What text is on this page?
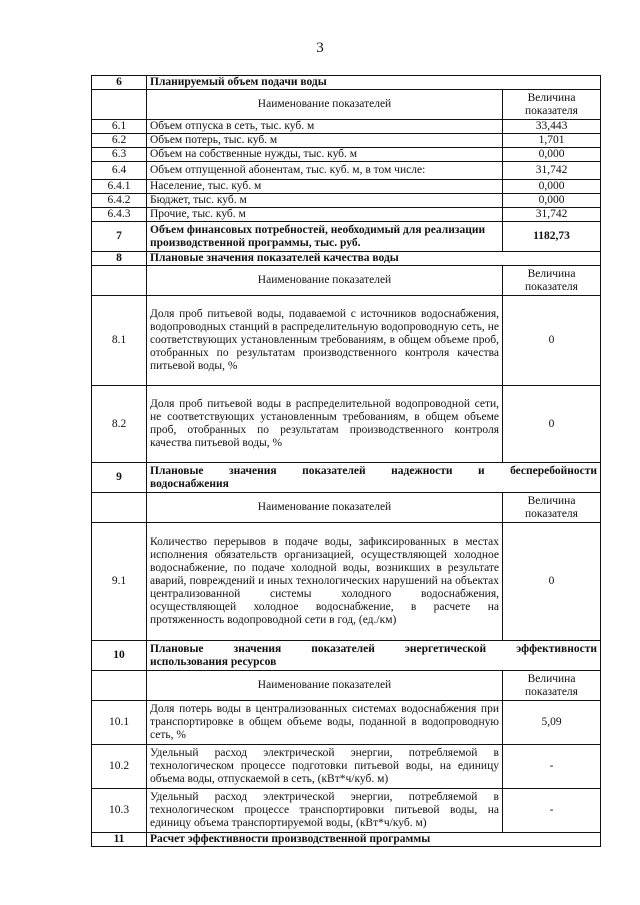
3
6	Планируемый объем подачи воды	
	Наименование показателей	Величина показателя
6.1	Объем отпуска в сеть, тыс. куб. м	33,443
6.2	Объем потерь, тыс. куб. м	1,701
6.3	Объем на собственные нужды, тыс. куб. м	0,000
6.4	Объем отпущенной абонентам, тыс. куб. м, в том числе:	31,742
6.4.1	Население, тыс. куб. м	0,000
6.4.2	Бюджет, тыс. куб. м	0,000
6.4.3	Прочие, тыс. куб. м	31,742
7	Объем финансовых потребностей, необходимый для реализации производственной программы, тыс. руб.	1182,73
8	Плановые значения показателей качества воды	
	Наименование показателей	Величина показателя
8.1	Доля проб питьевой воды, подаваемой с источников водоснабжения, водопроводных станций в распределительную водопроводную сеть, не соответствующих установленным требованиям, в общем объеме проб, отобранных по результатам производственного контроля качества питьевой воды, %	0
8.2	Доля проб питьевой воды в распределительной водопроводной сети, не соответствующих установленным требованиям, в общем объеме проб, отобранных по результатам производственного контроля качества питьевой воды, %	0
9	Плановые значения показателей надежности и бесперебойности
водоснабжения	

	Наименование показателей	Величина показателя
9.1	Количество перерывов в подаче воды, зафиксированных в местах исполнения обязательств организацией, осуществляющей холодное водоснабжение, по подаче холодной воды, возникших в результате аварий, повреждений и иных технологических нарушений на объектах централизованной системы холодного водоснабжения, осуществляющей холодное водоснабжение, в расчете на протяженность водопроводной сети в год, (ед./км)	0
10	Плановые значения показателей энергетической эффективности
использования ресурсов	

	Наименование показателей	Величина показателя
10.1	Доля потерь воды в централизованных системах водоснабжения при транспортировке в общем объеме воды, поданной в водопроводную сеть, %	5,09
10.2	Удельный расход электрической энергии, потребляемой в технологическом процессе подготовки питьевой воды, на единицу объема воды, отпускаемой в сеть, (кВт*ч/куб. м)	-
10.3	Удельный расход электрической энергии, потребляемой в технологическом процессе транспортировки питьевой воды, на единицу объема транспортируемой воды, (кВт*ч/куб. м)	-
11	Расчет эффективности производственной программы	
